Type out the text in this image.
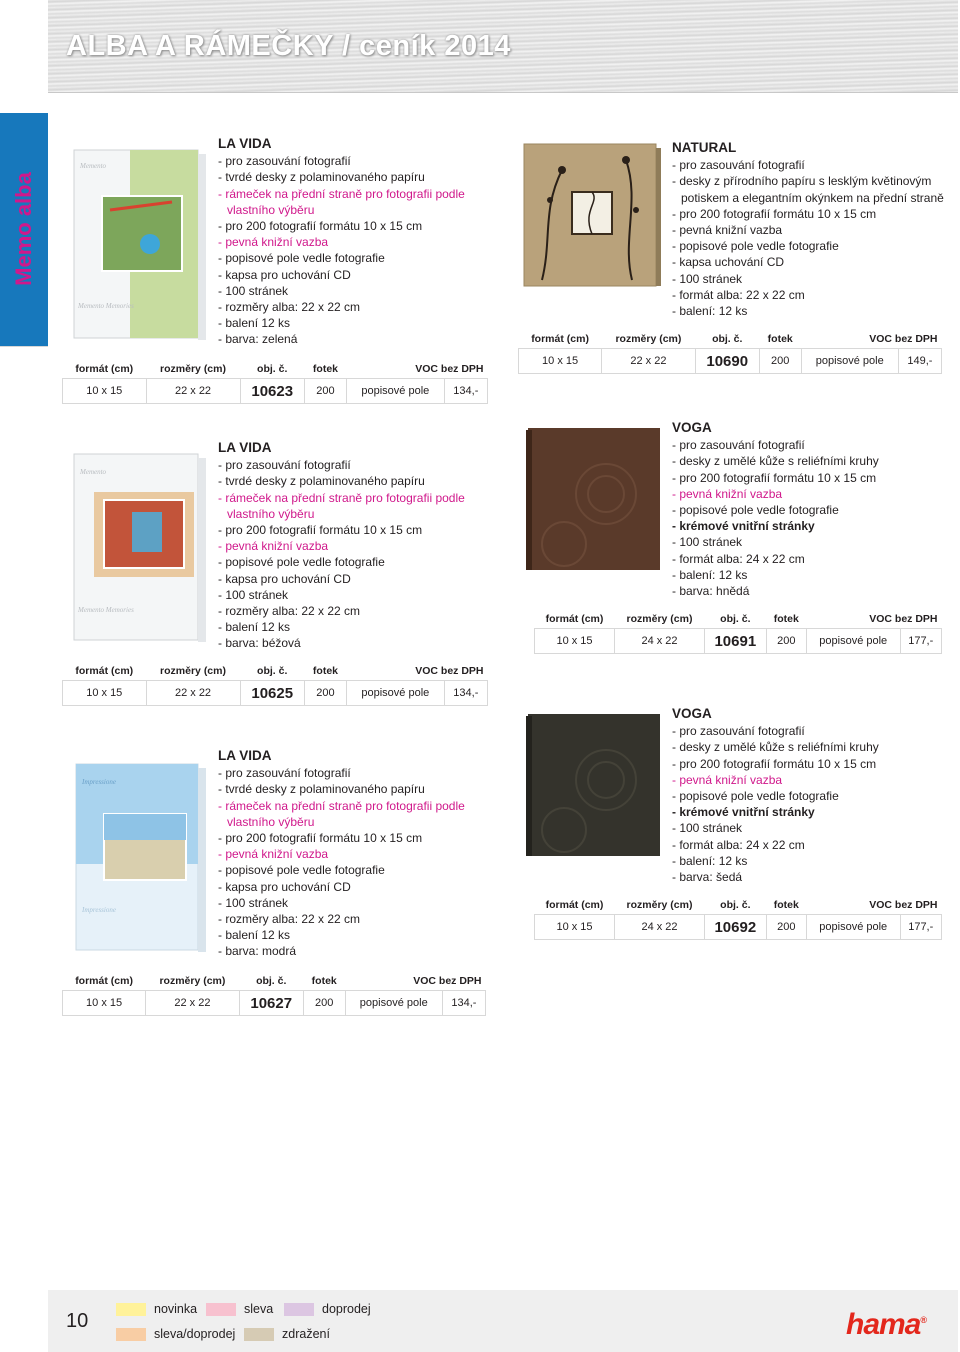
ALBA A RÁMEČKY / ceník 2014
Memo alba
Memento
Memento Memories
LA VIDA
- pro zasouvání fotografií
- tvrdé desky z polaminovaného papíru
- rámeček na přední straně pro fotografii podle
vlastního výběru
- pro 200 fotografií formátu 10 x 15 cm
- pevná knižní vazba
- popisové pole vedle fotografie
- kapsa pro uchování CD
- 100 stránek
- rozměry alba: 22 x 22 cm
- balení 12 ks
- barva: zelená
formát (cm)	rozměry (cm)	obj. č.	fotek	VOC bez DPH	
10 x 15	22 x 22	10623	200	popisové pole	134,-
NATURAL
- pro zasouvání fotografií
- desky z přírodního papíru s lesklým květinovým
potiskem a elegantním okýnkem na přední straně
- pro 200 fotografií formátu 10 x 15 cm
- pevná knižní vazba
- popisové pole vedle fotografie
- kapsa uchování CD
- 100 stránek
- formát alba: 22 x 22 cm
- balení: 12 ks
formát (cm)	rozměry (cm)	obj. č.	fotek	VOC bez DPH	
10 x 15	22 x 22	10690	200	popisové pole	149,-
Memento
Memento Memories
LA VIDA
- pro zasouvání fotografií
- tvrdé desky z polaminovaného papíru
- rámeček na přední straně pro fotografii podle
vlastního výběru
- pro 200 fotografií formátu 10 x 15 cm
- pevná knižní vazba
- popisové pole vedle fotografie
- kapsa pro uchování CD
- 100 stránek
- rozměry alba: 22 x 22 cm
- balení 12 ks
- barva: béžová
formát (cm)	rozměry (cm)	obj. č.	fotek	VOC bez DPH	
10 x 15	22 x 22	10625	200	popisové pole	134,-
VOGA
- pro zasouvání fotografií
- desky z umělé kůže s reliéfními kruhy
- pro 200 fotografií formátu 10 x 15 cm
- pevná knižní vazba
- popisové pole vedle fotografie
- krémové vnitřní stránky
- 100 stránek
- formát alba: 24 x 22 cm
- balení: 12 ks
- barva: hnědá
formát (cm)	rozměry (cm)	obj. č.	fotek	VOC bez DPH	
10 x 15	24 x 22	10691	200	popisové pole	177,-
VOGA
- pro zasouvání fotografií
- desky z umělé kůže s reliéfními kruhy
- pro 200 fotografií formátu 10 x 15 cm
- pevná knižní vazba
- popisové pole vedle fotografie
- krémové vnitřní stránky
- 100 stránek
- formát alba: 24 x 22 cm
- balení: 12 ks
- barva: šedá
formát (cm)	rozměry (cm)	obj. č.	fotek	VOC bez DPH	
10 x 15	24 x 22	10692	200	popisové pole	177,-
Impressione
Impressione
LA VIDA
- pro zasouvání fotografií
- tvrdé desky z polaminovaného papíru
- rámeček na přední straně pro fotografii podle
vlastního výběru
- pro 200 fotografií formátu 10 x 15 cm
- pevná knižní vazba
- popisové pole vedle fotografie
- kapsa pro uchování CD
- 100 stránek
- rozměry alba: 22 x 22 cm
- balení 12 ks
- barva: modrá
formát (cm)	rozměry (cm)	obj. č.	fotek	VOC bez DPH	
10 x 15	22 x 22	10627	200	popisové pole	134,-
10
novinka	sleva	doprodej
sleva/doprodej	zdražení	hama®
